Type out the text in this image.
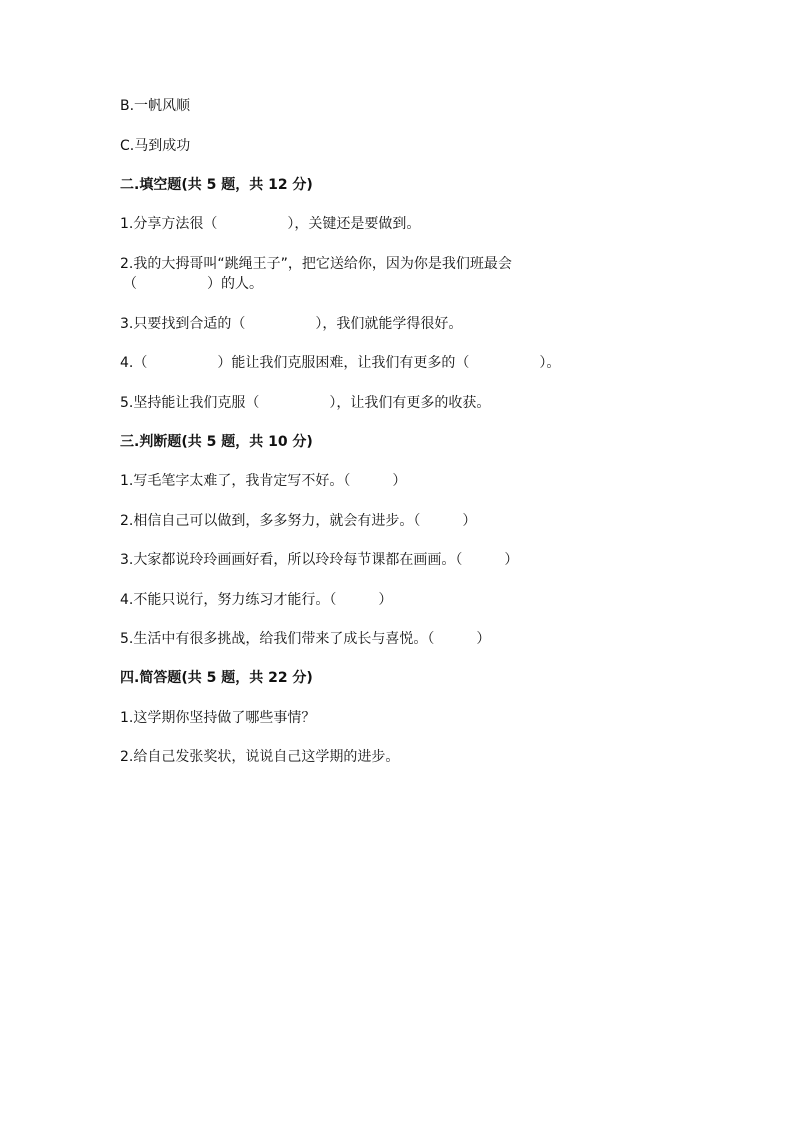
B.一帆风顺
C.马到成功
二.填空题(共 5 题，共 12 分)
1.分享方法很（　　　　　），关键还是要做到。
2.我的大拇哥叫“跳绳王子”，把它送给你，因为你是我们班最会
（　　　　　）的人。
3.只要找到合适的（　　　　　），我们就能学得很好。
4.（　　　　　）能让我们克服困难，让我们有更多的（　　　　　）。
5.坚持能让我们克服（　　　　　），让我们有更多的收获。
三.判断题(共 5 题，共 10 分)
1.写毛笔字太难了，我肯定写不好。（　　　）
2.相信自己可以做到，多多努力，就会有进步。（　　　）
3.大家都说玲玲画画好看，所以玲玲每节课都在画画。（　　　）
4.不能只说行，努力练习才能行。（　　　）
5.生活中有很多挑战，给我们带来了成长与喜悦。（　　　）
四.简答题(共 5 题，共 22 分)
1.这学期你坚持做了哪些事情？
2.给自己发张奖状，说说自己这学期的进步。
